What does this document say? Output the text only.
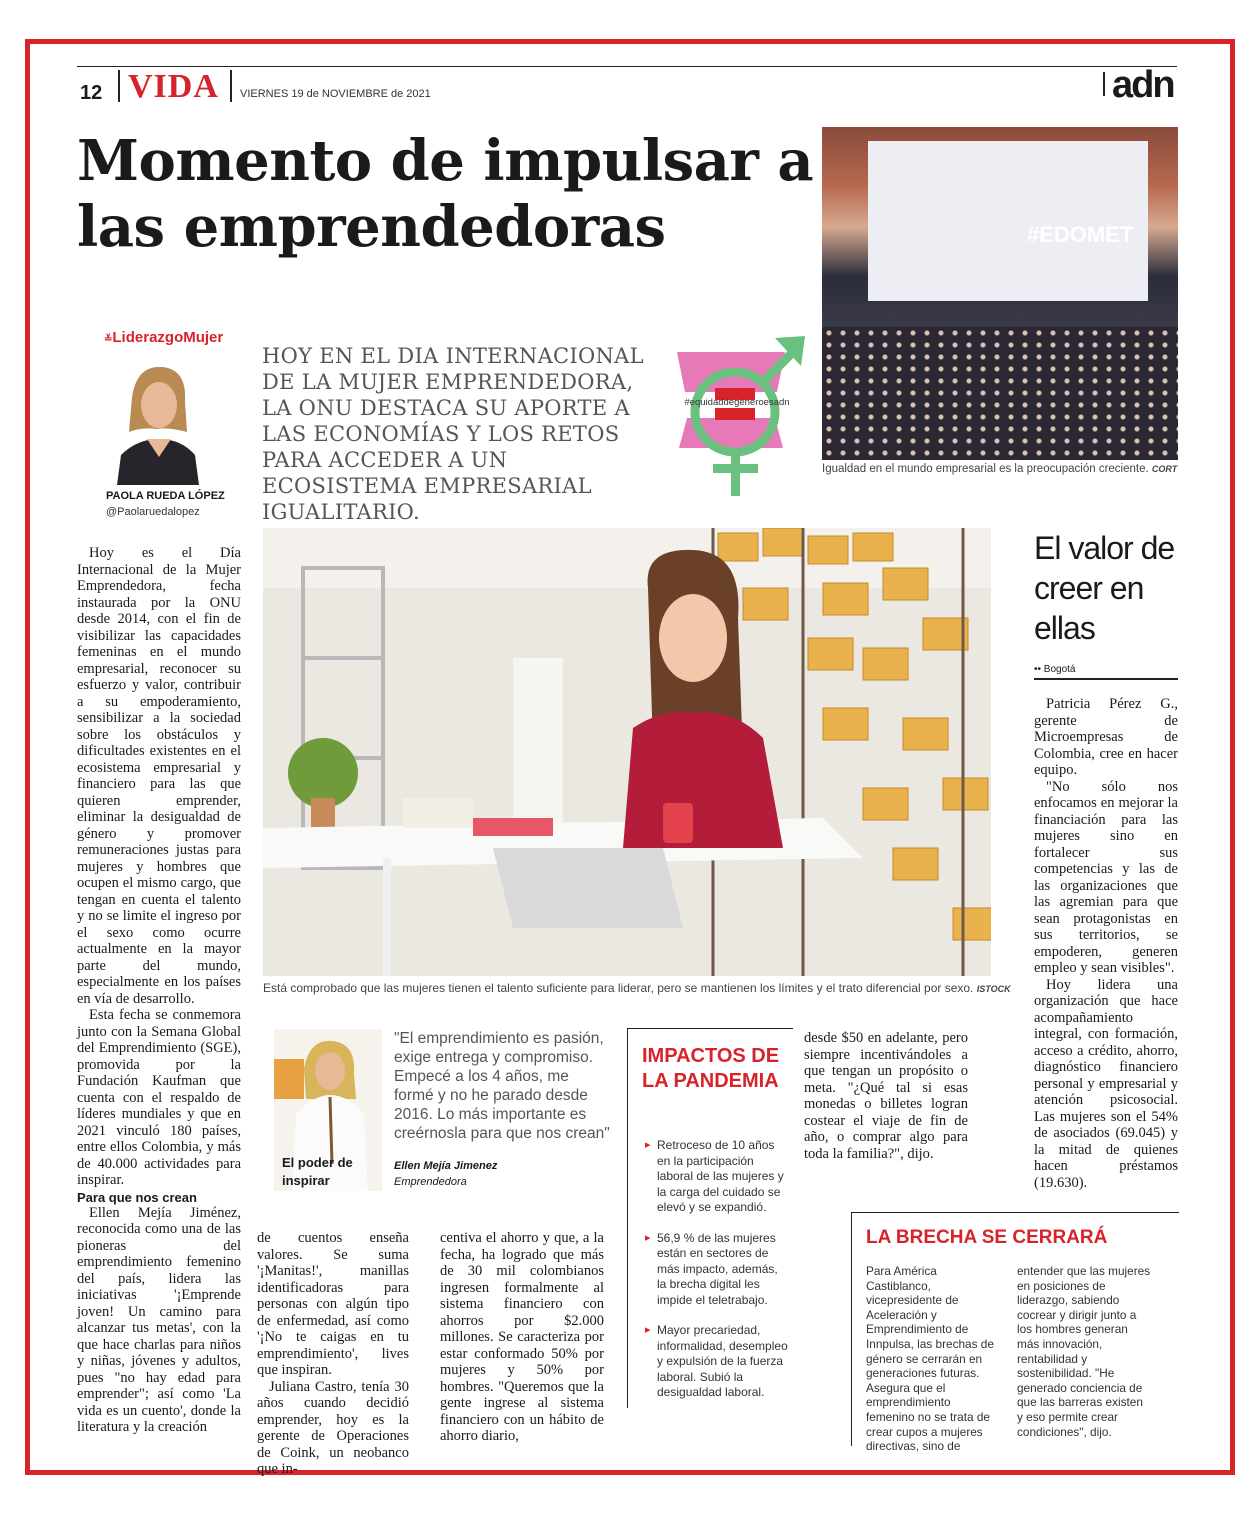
12 VIDA VIERNES 19 de NOVIEMBRE de 2021	adn
Momento de impulsar a las emprendedoras	#EDOMET
Igualdad en el mundo empresarial es la preocupación creciente. CORT
≚LiderazgoMujer
PAOLA RUEDA LÓPEZ
@Paolaruedalopez
HOY EN EL DIA INTERNACIONAL DE LA MUJER EMPRENDEDORA, LA ONU DESTACA SU APORTE A LAS ECONOMÍAS Y LOS RETOS PARA ACCEDER A UN ECOSISTEMA EMPRESARIAL IGUALITARIO.
#equidaddegéneroesadn
Está comprobado que las mujeres tienen el talento suficiente para liderar, pero se mantienen los límites y el trato diferencial por sexo. ISTOCK

Hoy es el Día Internacional de la Mujer Emprendedora, fecha instaurada por la ONU desde 2014, con el fin de visibilizar las capacidades femeninas en el mundo empresarial, reconocer su esfuerzo y valor, contribuir a su empoderamiento, sensibilizar a la sociedad sobre los obstáculos y dificultades existentes en el ecosistema empresarial y financiero para las que quieren emprender, eliminar la desigualdad de género y promover remuneraciones justas para mujeres y hombres que ocupen el mismo cargo, que tengan en cuenta el talento y no se limite el ingreso por el sexo como ocurre actualmente en la mayor parte del mundo, especialmente en los países en vía de desarrollo.

Esta fecha se conmemora junto con la Semana Global del Emprendimiento (SGE), promovida por la Fundación Kaufman que cuenta con el respaldo de líderes mundiales y que en 2021 vinculó 180 países, entre ellos Colombia, y más de 40.000 actividades para inspirar.

Para que nos crean

Ellen Mejía Jiménez, reconocida como una de las pioneras del emprendimiento femenino del país, lidera las iniciativas '¡Emprende joven! Un camino para alcanzar tus metas', con la que hace charlas para niños y niñas, jóvenes y adultos, pues "no hay edad para emprender"; así como 'La vida es un cuento', donde la literatura y la creación

El poder de inspirar
"El emprendimiento es pasión, exige entrega y compromiso. Empecé a los 4 años, me formé y no he parado desde 2016. Lo más importante es creérnosla para que nos crean"
Ellen Mejía Jimenez
Emprendedora

de cuentos enseña valores. Se suma '¡Manitas!', manillas identificadoras para personas con algún tipo de enfermedad, así como '¡No te caigas en tu emprendimiento', lives que inspiran.

Juliana Castro, tenía 30 años cuando decidió emprender, hoy es la gerente de Operaciones de Coink, un neobanco que in-

centiva el ahorro y que, a la fecha, ha logrado que más de 30 mil colombianos ingresen formalmente al sistema financiero con ahorros por $2.000 millones. Se caracteriza por estar conformado 50% por mujeres y 50% por hombres. "Queremos que la gente ingrese al sistema financiero con un hábito de ahorro diario,

desde $50 en adelante, pero siempre incentivándoles a que tengan un propósito o meta. "¿Qué tal si esas monedas o billetes logran costear el viaje de fin de año, o comprar algo para toda la familia?", dijo.

IMPACTOS DE LA PANDEMIA
▸ Retroceso de 10 años en la participación laboral de las mujeres y la carga del cuidado se elevó y se expandió.
▸ 56,9 % de las mujeres están en sectores de más impacto, además, la brecha digital les impide el teletrabajo.
▸ Mayor precariedad, informalidad, desempleo y expulsión de la fuerza laboral. Subió la desigualdad laboral.
El valor de creer en ellas
•• Bogotá

Patricia Pérez G., gerente de Microempresas de Colombia, cree en hacer equipo.

"No sólo nos enfocamos en mejorar la financiación para las mujeres sino en fortalecer sus competencias y las de las organizaciones que las agremian para que sean protagonistas en sus territorios, se empoderen, generen empleo y sean visibles".

Hoy lidera una organización que hace acompañamiento integral, con formación, acceso a crédito, ahorro, diagnóstico financiero personal y empresarial y atención psicosocial. Las mujeres son el 54% de asociados (69.045) y la mitad de quienes hacen préstamos (19.630).

LA BRECHA SE CERRARÁ
Para América Castiblanco, vicepresidente de Aceleración y Emprendimiento de Innpulsa, las brechas de género se cerrarán en generaciones futuras. Asegura que el emprendimiento femenino no se trata de crear cupos a mujeres directivas, sino de
entender que las mujeres en posiciones de liderazgo, sabiendo cocrear y dirigir junto a los hombres generan más innovación, rentabilidad y sostenibilidad. "He generado conciencia de que las barreras existen y eso permite crear condiciones", dijo.
